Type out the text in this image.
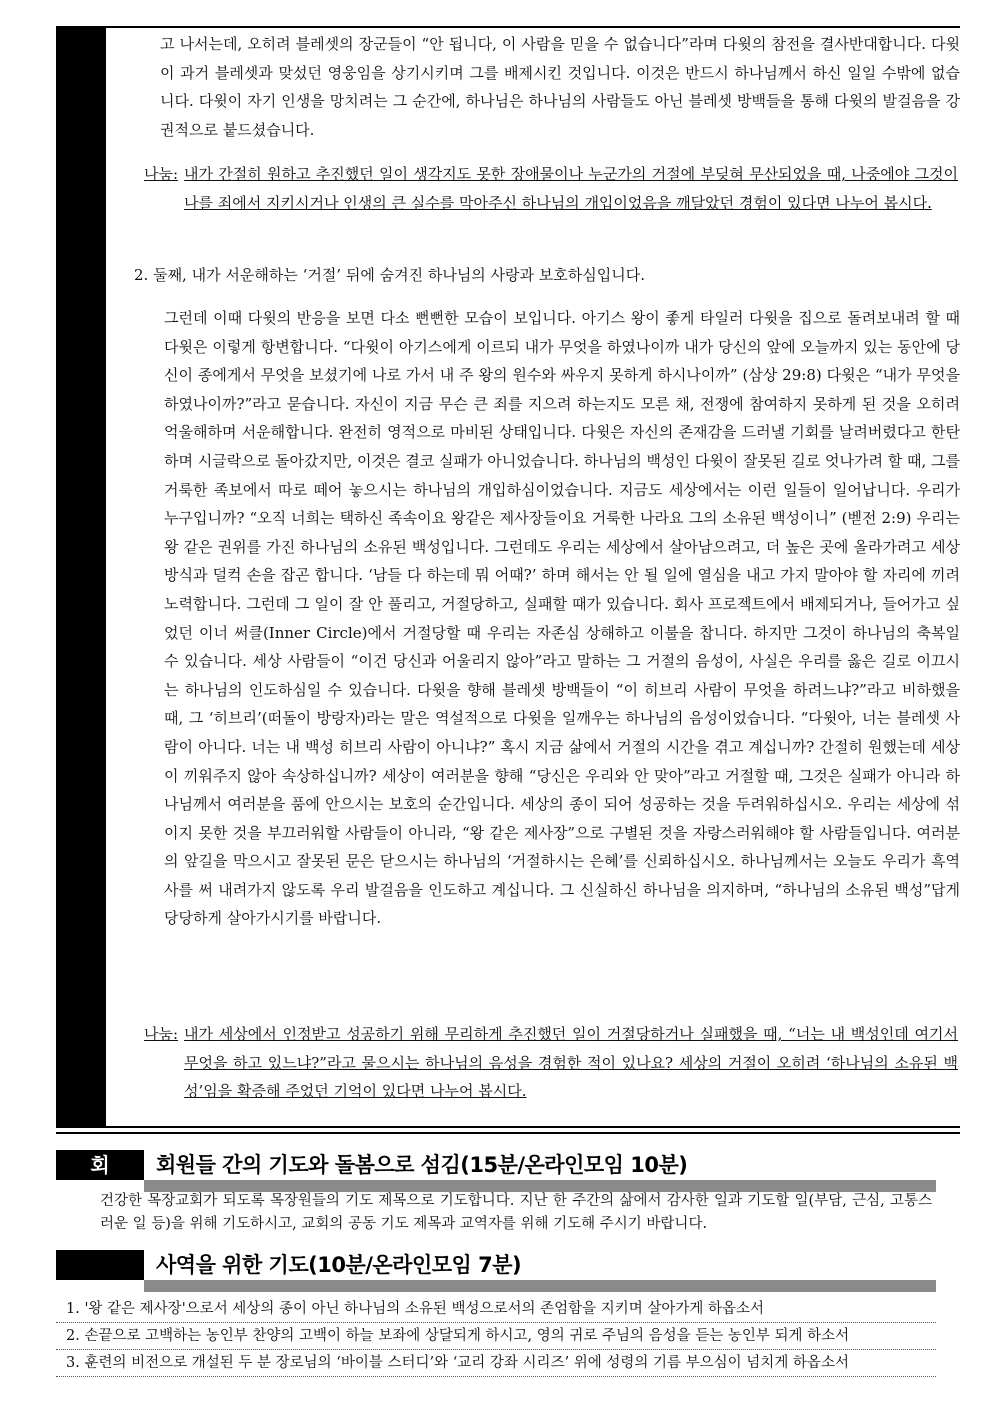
고 나서는데, 오히려 블레셋의 장군들이 “안 됩니다, 이 사람을 믿을 수 없습니다”라며 다윗의 참전을 결사반대합니다. 다윗이 과거 블레셋과 맞섰던 영웅임을 상기시키며 그를 배제시킨 것입니다. 이것은 반드시 하나님께서 하신 일일 수밖에 없습니다. 다윗이 자기 인생을 망치려는 그 순간에, 하나님은 하나님의 사람들도 아닌 블레셋 방백들을 통해 다윗의 발걸음을 강권적으로 붙드셨습니다.

나눔: 내가 간절히 원하고 추진했던 일이 생각지도 못한 장애물이나 누군가의 거절에 부딪혀 무산되었을 때, 나중에야 그것이 나를 죄에서 지키시거나 인생의 큰 실수를 막아주신 하나님의 개입이었음을 깨달았던 경험이 있다면 나누어 봅시다.

2. 둘째, 내가 서운해하는 ‘거절’ 뒤에 숨겨진 하나님의 사랑과 보호하심입니다.

그런데 이때 다윗의 반응을 보면 다소 뻔뻔한 모습이 보입니다. 아기스 왕이 좋게 타일러 다윗을 집으로 돌려보내려 할 때 다윗은 이렇게 항변합니다. “다윗이 아기스에게 이르되 내가 무엇을 하였나이까 내가 당신의 앞에 오늘까지 있는 동안에 당신이 종에게서 무엇을 보셨기에 나로 가서 내 주 왕의 원수와 싸우지 못하게 하시나이까” (삼상 29:8) 다윗은 “내가 무엇을 하였나이까?”라고 묻습니다. 자신이 지금 무슨 큰 죄를 지으려 하는지도 모른 채, 전쟁에 참여하지 못하게 된 것을 오히려 억울해하며 서운해합니다. 완전히 영적으로 마비된 상태입니다. 다윗은 자신의 존재감을 드러낼 기회를 날려버렸다고 한탄하며 시글락으로 돌아갔지만, 이것은 결코 실패가 아니었습니다. 하나님의 백성인 다윗이 잘못된 길로 엇나가려 할 때, 그를 거룩한 족보에서 따로 떼어 놓으시는 하나님의 개입하심이었습니다. 지금도 세상에서는 이런 일들이 일어납니다. 우리가 누구입니까? “오직 너희는 택하신 족속이요 왕같은 제사장들이요 거룩한 나라요 그의 소유된 백성이니” (벧전 2:9) 우리는 왕 같은 권위를 가진 하나님의 소유된 백성입니다. 그런데도 우리는 세상에서 살아남으려고, 더 높은 곳에 올라가려고 세상 방식과 덜컥 손을 잡곤 합니다. ‘남들 다 하는데 뭐 어때?’ 하며 해서는 안 될 일에 열심을 내고 가지 말아야 할 자리에 끼려 노력합니다. 그런데 그 일이 잘 안 풀리고, 거절당하고, 실패할 때가 있습니다. 회사 프로젝트에서 배제되거나, 들어가고 싶었던 이너 써클(Inner Circle)에서 거절당할 때 우리는 자존심 상해하고 이불을 찹니다. 하지만 그것이 하나님의 축복일 수 있습니다. 세상 사람들이 “이건 당신과 어울리지 않아”라고 말하는 그 거절의 음성이, 사실은 우리를 옳은 길로 이끄시는 하나님의 인도하심일 수 있습니다. 다윗을 향해 블레셋 방백들이 “이 히브리 사람이 무엇을 하려느냐?”라고 비하했을 때, 그 ‘히브리’(떠돌이 방랑자)라는 말은 역설적으로 다윗을 일깨우는 하나님의 음성이었습니다. “다윗아, 너는 블레셋 사람이 아니다. 너는 내 백성 히브리 사람이 아니냐?” 혹시 지금 삶에서 거절의 시간을 겪고 계십니까? 간절히 원했는데 세상이 끼워주지 않아 속상하십니까? 세상이 여러분을 향해 “당신은 우리와 안 맞아”라고 거절할 때, 그것은 실패가 아니라 하나님께서 여러분을 품에 안으시는 보호의 순간입니다. 세상의 종이 되어 성공하는 것을 두려워하십시오. 우리는 세상에 섞이지 못한 것을 부끄러워할 사람들이 아니라, “왕 같은 제사장”으로 구별된 것을 자랑스러워해야 할 사람들입니다. 여러분의 앞길을 막으시고 잘못된 문은 닫으시는 하나님의 ‘거절하시는 은혜’를 신뢰하십시오. 하나님께서는 오늘도 우리가 흑역사를 써 내려가지 않도록 우리 발걸음을 인도하고 계십니다. 그 신실하신 하나님을 의지하며, “하나님의 소유된 백성”답게 당당하게 살아가시기를 바랍니다.

나눔: 내가 세상에서 인정받고 성공하기 위해 무리하게 추진했던 일이 거절당하거나 실패했을 때, “너는 내 백성인데 여기서 무엇을 하고 있느냐?”라고 물으시는 하나님의 음성을 경험한 적이 있나요? 세상의 거절이 오히려 ‘하나님의 소유된 백성’임을 확증해 주었던 기억이 있다면 나누어 봅시다.
회	회원들 간의 기도와 돌봄으로 섬김(15분/온라인모임 10분)

건강한 목장교회가 되도록 목장원들의 기도 제목으로 기도합니다. 지난 한 주간의 삶에서 감사한 일과 기도할 일(부담, 근심, 고통스러운 일 등)을 위해 기도하시고, 교회의 공동 기도 제목과 교역자를 위해 기도해 주시기 바랍니다.

사역을 위한 기도(10분/온라인모임 7분)
1. '왕 같은 제사장'으로서 세상의 종이 아닌 하나님의 소유된 백성으로서의 존엄함을 지키며 살아가게 하옵소서
2. 손끝으로 고백하는 농인부 찬양의 고백이 하늘 보좌에 상달되게 하시고, 영의 귀로 주님의 음성을 듣는 농인부 되게 하소서
3. 훈련의 비전으로 개설된 두 분 장로님의 ‘바이블 스터디’와 ‘교리 강좌 시리즈’ 위에 성령의 기름 부으심이 넘치게 하옵소서
